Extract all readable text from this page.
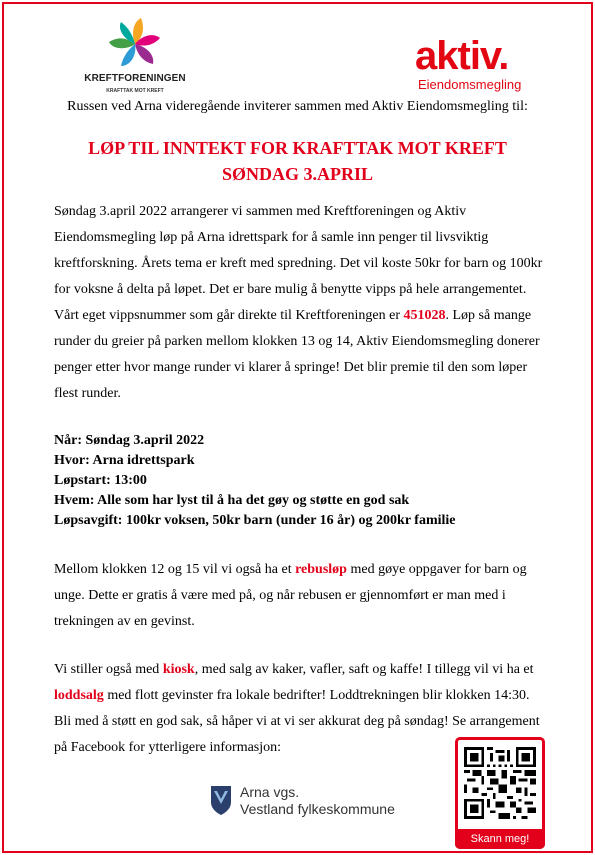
KREFTFORENINGEN
KRAFTTAK MOT KREFT
aktiv.
Eiendomsmegling
Russen ved Arna videregående inviterer sammen med Aktiv Eiendomsmegling til:
LØP TIL INNTEKT FOR KRAFTTAK MOT KREFT
SØNDAG 3.APRIL

Søndag 3.april 2022 arrangerer vi sammen med Kreftforeningen og Aktiv Eiendomsmegling løp på Arna idrettspark for å samle inn penger til livsviktig kreftforskning. Årets tema er kreft med spredning. Det vil koste 50kr for barn og 100kr for voksne å delta på løpet. Det er bare mulig å benytte vipps på hele arrangementet. Vårt eget vippsnummer som går direkte til Kreftforeningen er 451028. Løp så mange runder du greier på parken mellom klokken 13 og 14, Aktiv Eiendomsmegling donerer penger etter hvor mange runder vi klarer å springe! Det blir premie til den som løper flest runder.

Når: Søndag 3.april 2022
Hvor: Arna idrettspark
Løpstart: 13:00
Hvem: Alle som har lyst til å ha det gøy og støtte en god sak
Løpsavgift: 100kr voksen, 50kr barn (under 16 år) og 200kr familie

Mellom klokken 12 og 15 vil vi også ha et rebusløp med gøye oppgaver for barn og unge. Dette er gratis å være med på, og når rebusen er gjennomført er man med i trekningen av en gevinst.

Vi stiller også med kiosk, med salg av kaker, vafler, saft og kaffe! I tillegg vil vi ha et loddsalg med flott gevinster fra lokale bedrifter! Loddtrekningen blir klokken 14:30. Bli med å støtt en god sak, så håper vi at vi ser akkurat deg på søndag! Se arrangement på Facebook for ytterligere informasjon:

Skann meg!
Arna vgs.
Vestland fylkeskommune
